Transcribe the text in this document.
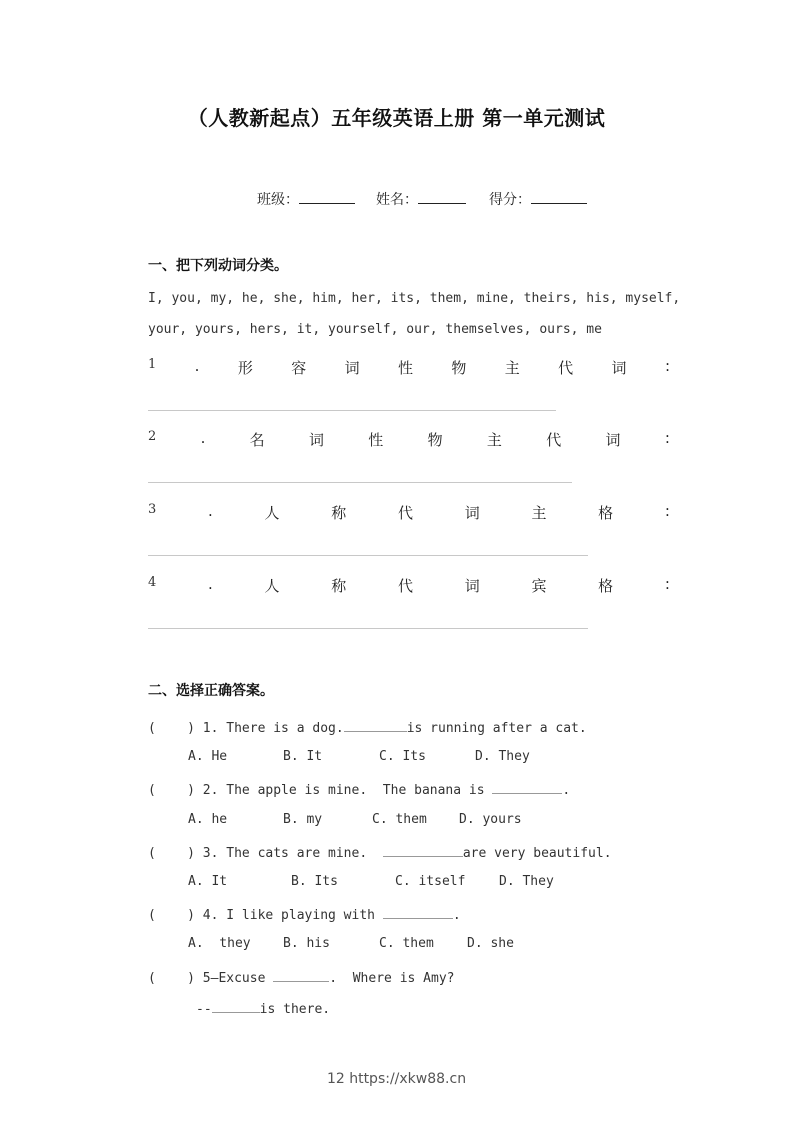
（人教新起点）五年级英语上册 第一单元测试
班级：	姓名：	得分：
一、把下列动词分类。
I, you, my, he, she, him, her, its, them, mine, theirs, his, myself,
your, yours, hers, it, yourself, our, themselves, ours, me
1	.	形	容	词	性	物	主	代	词	:
2	.	名	词	性	物	主	代	词	:
3	.	人	称	代	词	主	格	:
4	.	人	称	代	词	宾	格	:
二、选择正确答案。
(    ) 1. There is a dog.	is running after a cat.
A. He	B. It	C. Its	D. They
(    ) 2. The apple is mine.  The banana is	.
A. he	B. my	C. them D. yours
(    ) 3. The cats are mine.	are very beautiful.
A. It	B. Its	C. itself	D. They
(    ) 4. I like playing with	.
A.  they B. his	C. them	D. she
(    ) 5—Excuse	.  Where is Amy?
--	is there.
12 https://xkw88.cn
